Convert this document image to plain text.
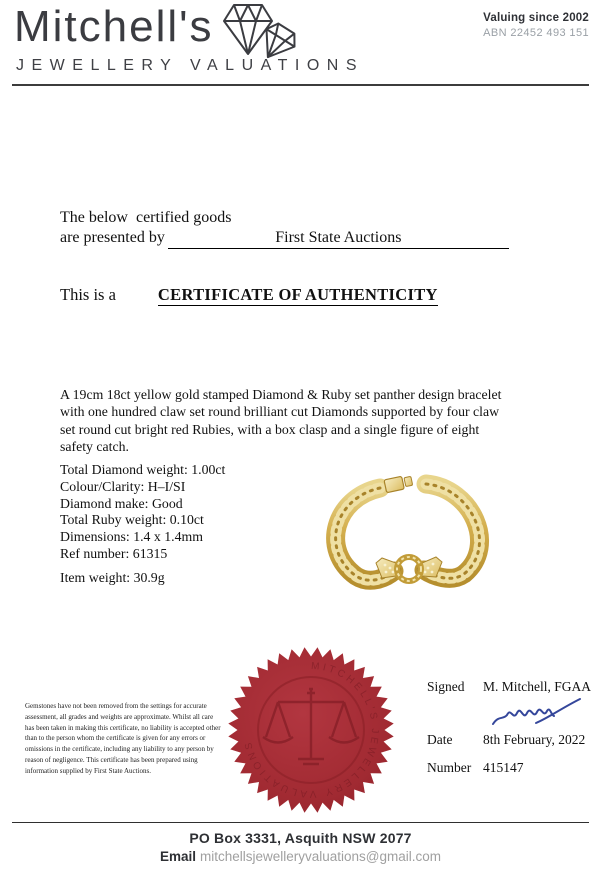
Mitchell's
JEWELLERY VALUATIONS
Valuing since 2002
ABN 22452 493 151
The below  certified goods
are presented by	First State Auctions
This is a	CERTIFICATE OF AUTHENTICITY
A 19cm 18ct yellow gold stamped Diamond & Ruby set panther design bracelet with one hundred claw set round brilliant cut Diamonds supported by four claw set round cut bright red Rubies, with a box clasp and a single figure of eight safety catch.
Total Diamond weight: 1.00ct
Colour/Clarity: H–I/SI
Diamond make: Good
Total Ruby weight: 0.10ct
Dimensions: 1.4 x 1.4mm
Ref number: 61315
Item weight: 30.9g
Gemstones have not been removed from the settings for accurate assessment, all grades and weights are approximate. Whilst all care has been taken in making this certificate, no liability is accepted other than to the person whom the certificate is given for any errors or omissions in the certificate, including any liability to any person by reason of negligence. This certificate has been prepared using information supplied by First State Auctions.
MITCHELL'S JEWELLERY VALUATIONS
Signed M. Mitchell, FGAA
Date 8th February, 2022
Number 415147
PO Box 3331, Asquith NSW 2077
Email mitchellsjewelleryvaluations@gmail.com
